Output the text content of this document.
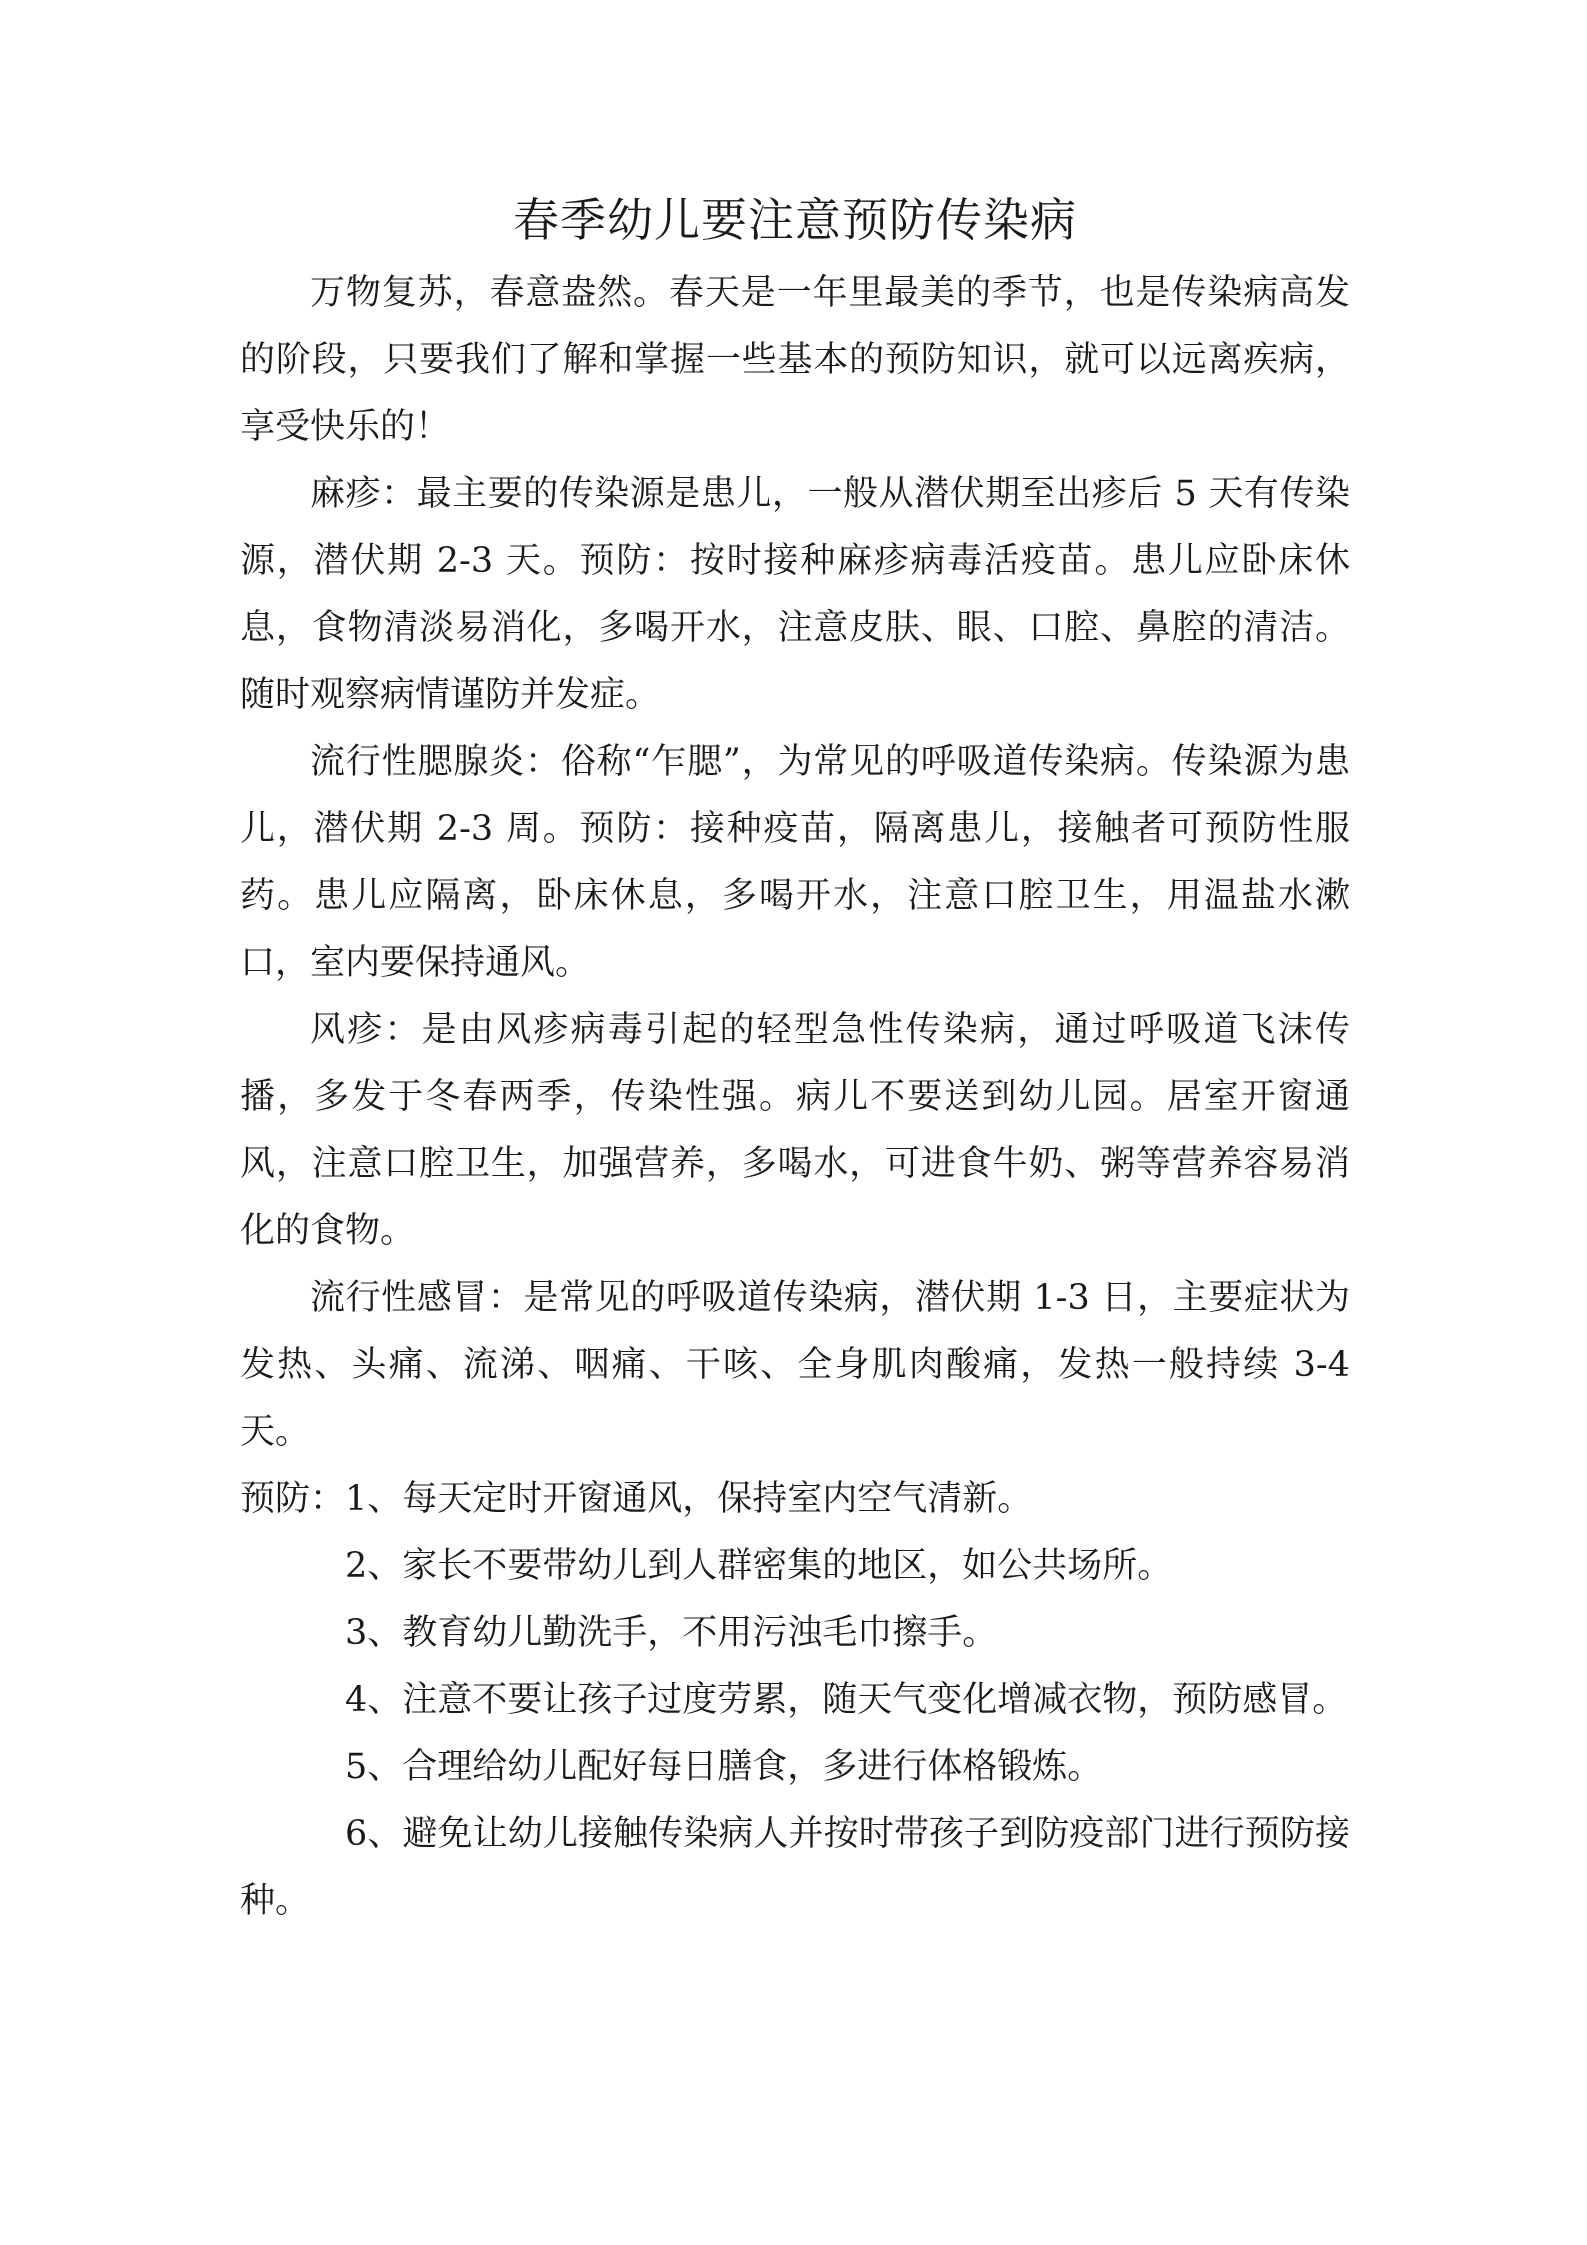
春季幼儿要注意预防传染病

万物复苏，春意盎然。春天是一年里最美的季节，也是传染病高发的阶段，只要我们了解和掌握一些基本的预防知识，就可以远离疾病，享受快乐的！

麻疹：最主要的传染源是患儿，一般从潜伏期至出疹后 5 天有传染源，潜伏期 2-3 天。预防：按时接种麻疹病毒活疫苗。患儿应卧床休息，食物清淡易消化，多喝开水，注意皮肤、眼、口腔、鼻腔的清洁。随时观察病情谨防并发症。

流行性腮腺炎：俗称“乍腮”，为常见的呼吸道传染病。传染源为患儿，潜伏期 2-3 周。预防：接种疫苗，隔离患儿，接触者可预防性服药。患儿应隔离，卧床休息，多喝开水，注意口腔卫生，用温盐水漱口，室内要保持通风。

风疹：是由风疹病毒引起的轻型急性传染病，通过呼吸道飞沫传播，多发于冬春两季，传染性强。病儿不要送到幼儿园。居室开窗通风，注意口腔卫生，加强营养，多喝水，可进食牛奶、粥等营养容易消化的食物。

流行性感冒：是常见的呼吸道传染病，潜伏期 1-3 日，主要症状为发热、头痛、流涕、咽痛、干咳、全身肌肉酸痛，发热一般持续 3-4 天。

预防：1、每天定时开窗通风，保持室内空气清新。

2、家长不要带幼儿到人群密集的地区，如公共场所。

3、教育幼儿勤洗手，不用污浊毛巾擦手。

4、注意不要让孩子过度劳累，随天气变化增减衣物，预防感冒。

5、合理给幼儿配好每日膳食，多进行体格锻炼。

6、避免让幼儿接触传染病人并按时带孩子到防疫部门进行预防接种。
